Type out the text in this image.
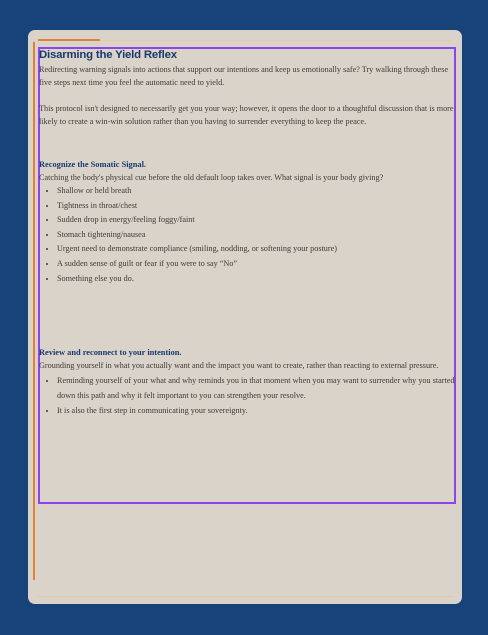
Disarming the Yield Reflex

Redirecting warning signals into actions that support our intentions and keep us emotionally safe? Try walking through these five steps next time you feel the automatic need to yield.

This protocol isn't designed to necessarily get you your way; however, it opens the door to a thoughtful discussion that is more likely to create a win-win solution rather than you having to surrender everything to keep the peace.

Recognize the Somatic Signal.

Catching the body's physical cue before the old default loop takes over. What signal is your body giving?

• Shallow or held breath
• Tightness in throat/chest
• Sudden drop in energy/feeling foggy/faint
• Stomach tightening/nausea
• Urgent need to demonstrate compliance (smiling, nodding, or softening your posture)
• A sudden sense of guilt or fear if you were to say “No”
• Something else you do.
Review and reconnect to your intention.

Grounding yourself in what you actually want and the impact you want to create, rather than reacting to external pressure.

• Reminding yourself of your what and why reminds you in that moment when you may want to surrender why you started down this path and why it felt important to you can strengthen your resolve.
• It is also the first step in communicating your sovereignty.
